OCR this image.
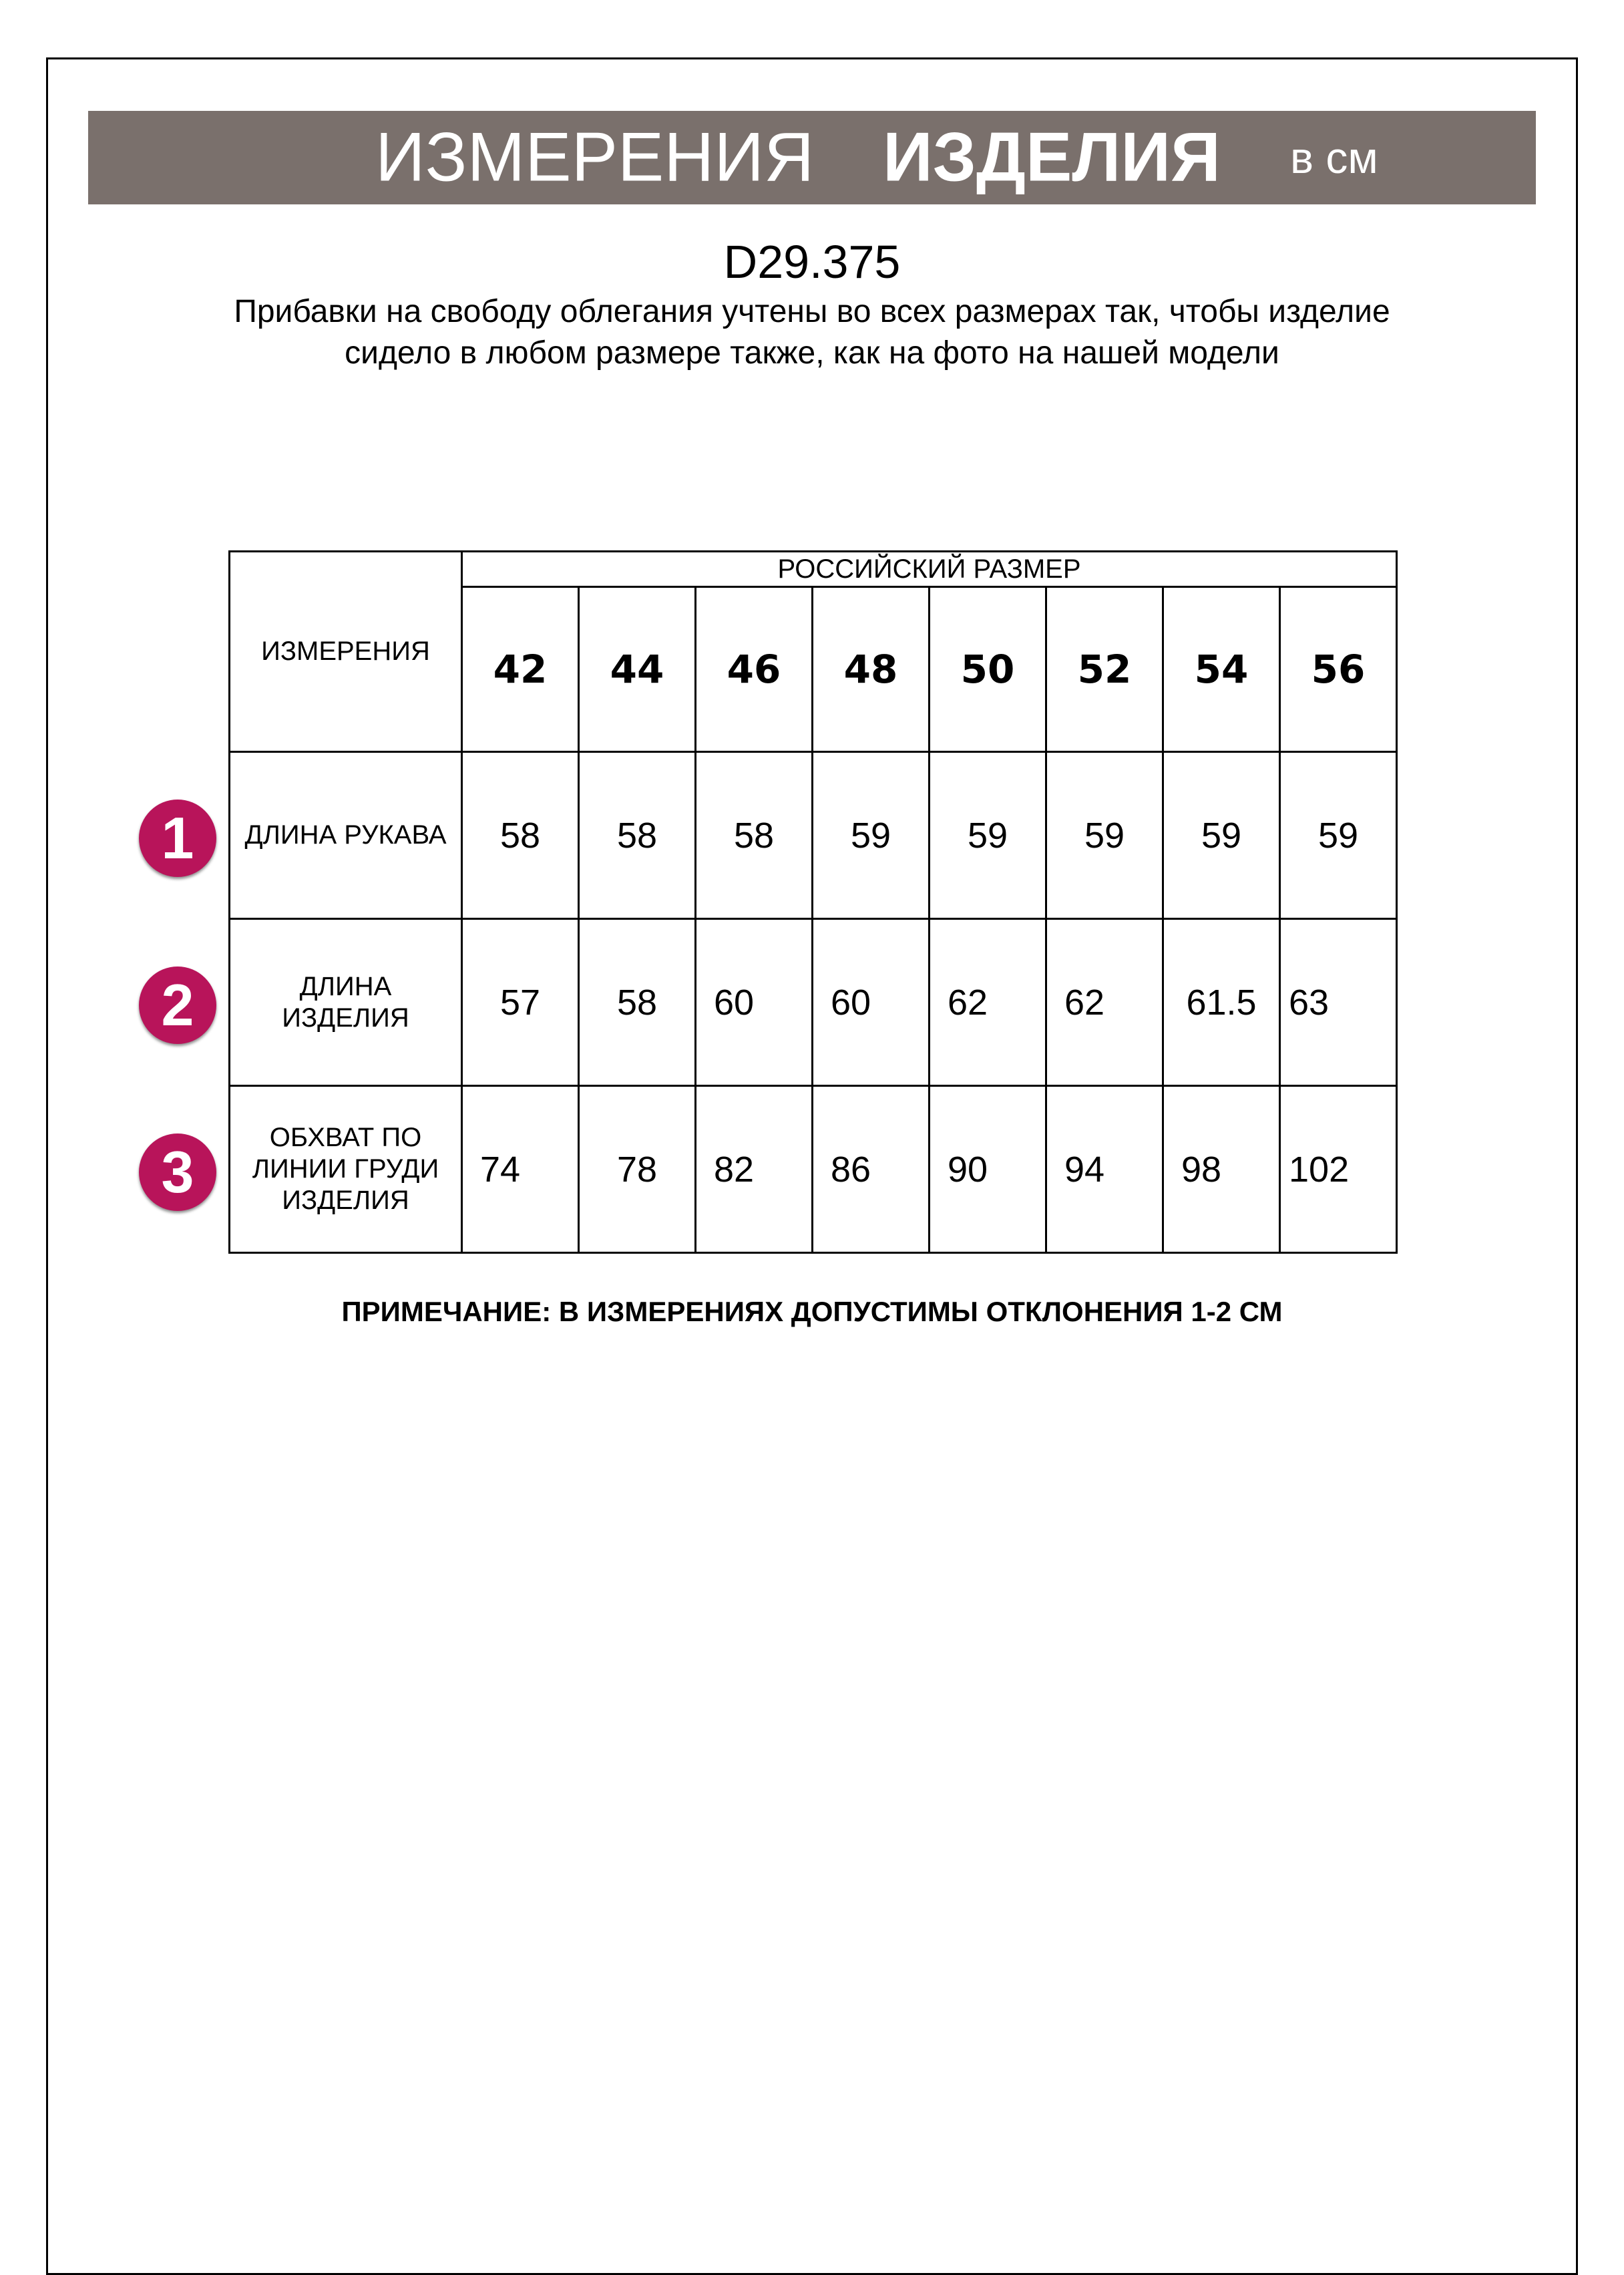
ИЗМЕРЕНИЯ ИЗДЕЛИЯ в см
D29.375
Прибавки на свободу облегания учтены во всех размерах так, чтобы изделие сидело в любом размере также, как на фото на нашей модели
ИЗМЕРЕНИЯ	РОССИЙСКИЙ РАЗМЕР							
	42	44	46	48	50	52	54	56

ДЛИНА РУКАВА	58	58	58	59	59	59	59	59

ДЛИНА
ИЗДЕЛИЯ	57	58	60	60	62	62	61.5	63

ОБХВАТ ПО
ЛИНИИ ГРУДИ
ИЗДЕЛИЯ	74	78	82	86	90	94	98	102
1
2
3
ПРИМЕЧАНИЕ: В ИЗМЕРЕНИЯХ ДОПУСТИМЫ ОТКЛОНЕНИЯ 1-2 СМ
